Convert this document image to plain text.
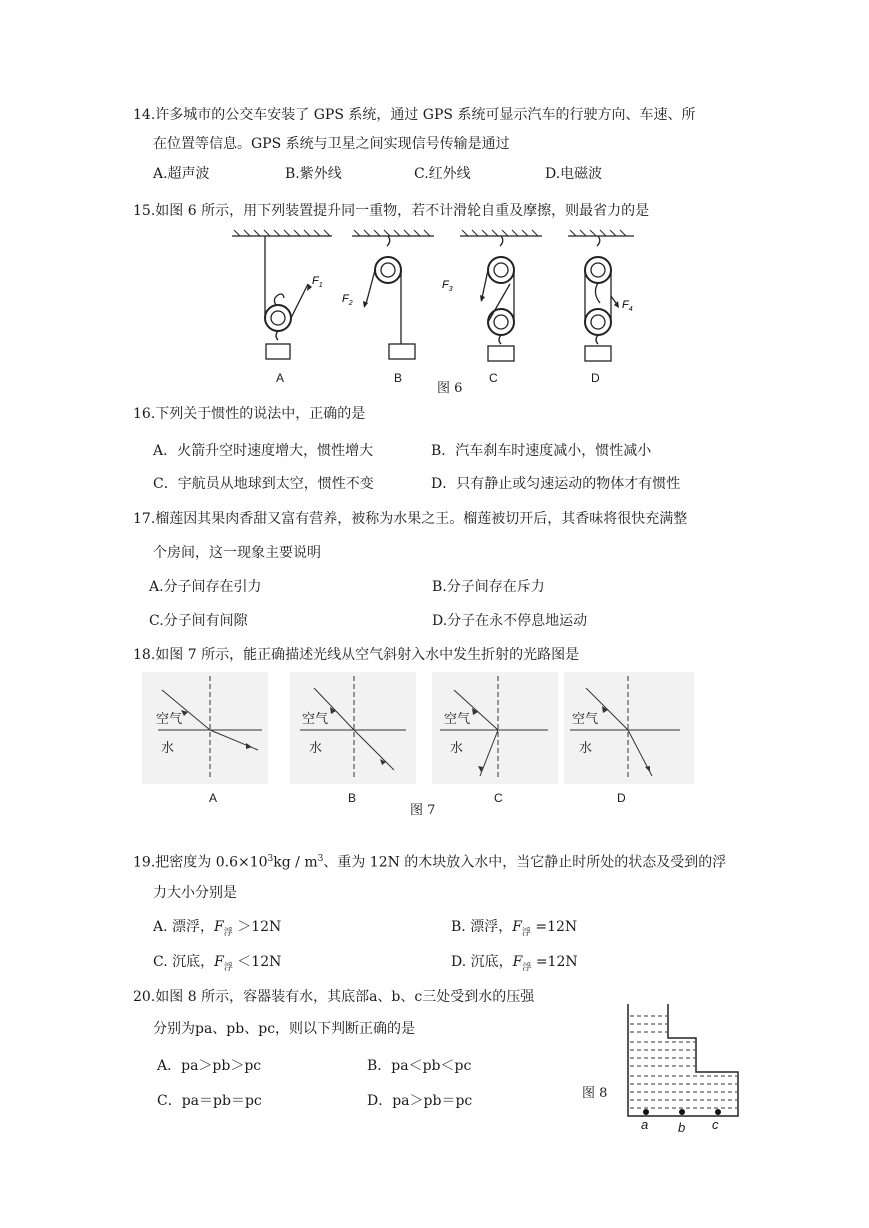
14.许多城市的公交车安装了 GPS 系统，通过 GPS 系统可显示汽车的行驶方向、车速、所
在位置等信息。GPS 系统与卫星之间实现信号传输是通过
A.超声波	B.紫外线	C.红外线	D.电磁波
15.如图 6 所示，用下列装置提升同一重物，若不计滑轮自重及摩擦，则最省力的是
$F_1$
$F_2$
$F_3$
$F_4$
A	B	C	D
图 6
16.下列关于惯性的说法中，正确的是
A．火箭升空时速度增大，惯性增大	B．汽车刹车时速度减小，惯性减小
C．宇航员从地球到太空，惯性不变	D．只有静止或匀速运动的物体才有惯性
17.榴莲因其果肉香甜又富有营养，被称为水果之王。榴莲被切开后，其香味将很快充满整
个房间，这一现象主要说明
A.分子间存在引力	B.分子间存在斥力
C.分子间有间隙	D.分子在永不停息地运动
18.如图 7 所示，能正确描述光线从空气斜射入水中发生折射的光路图是
空气
水
空气
水
空气
水
空气
水
A	B	C	D
图 7
19.把密度为 $0.6\times 10^3kg / m^3$、重为 12N 的木块放入水中，当它静止时所处的状态及受到的浮
力大小分别是
A. 漂浮，$F_浮 >12N$	B. 漂浮，$F_浮 =12N$
C. 沉底，$F_浮 <12N$	D. 沉底，$F_浮 =12N$
20.如图 8 所示，容器装有水，其底部a、b、c三处受到水的压强
分别为pa、pb、pc，则以下判断正确的是
A．pa＞pb＞pc	B．pa＜pb＜pc
C．pa＝pb＝pc	D．pa＞pb＝pc	图 8
a b c
